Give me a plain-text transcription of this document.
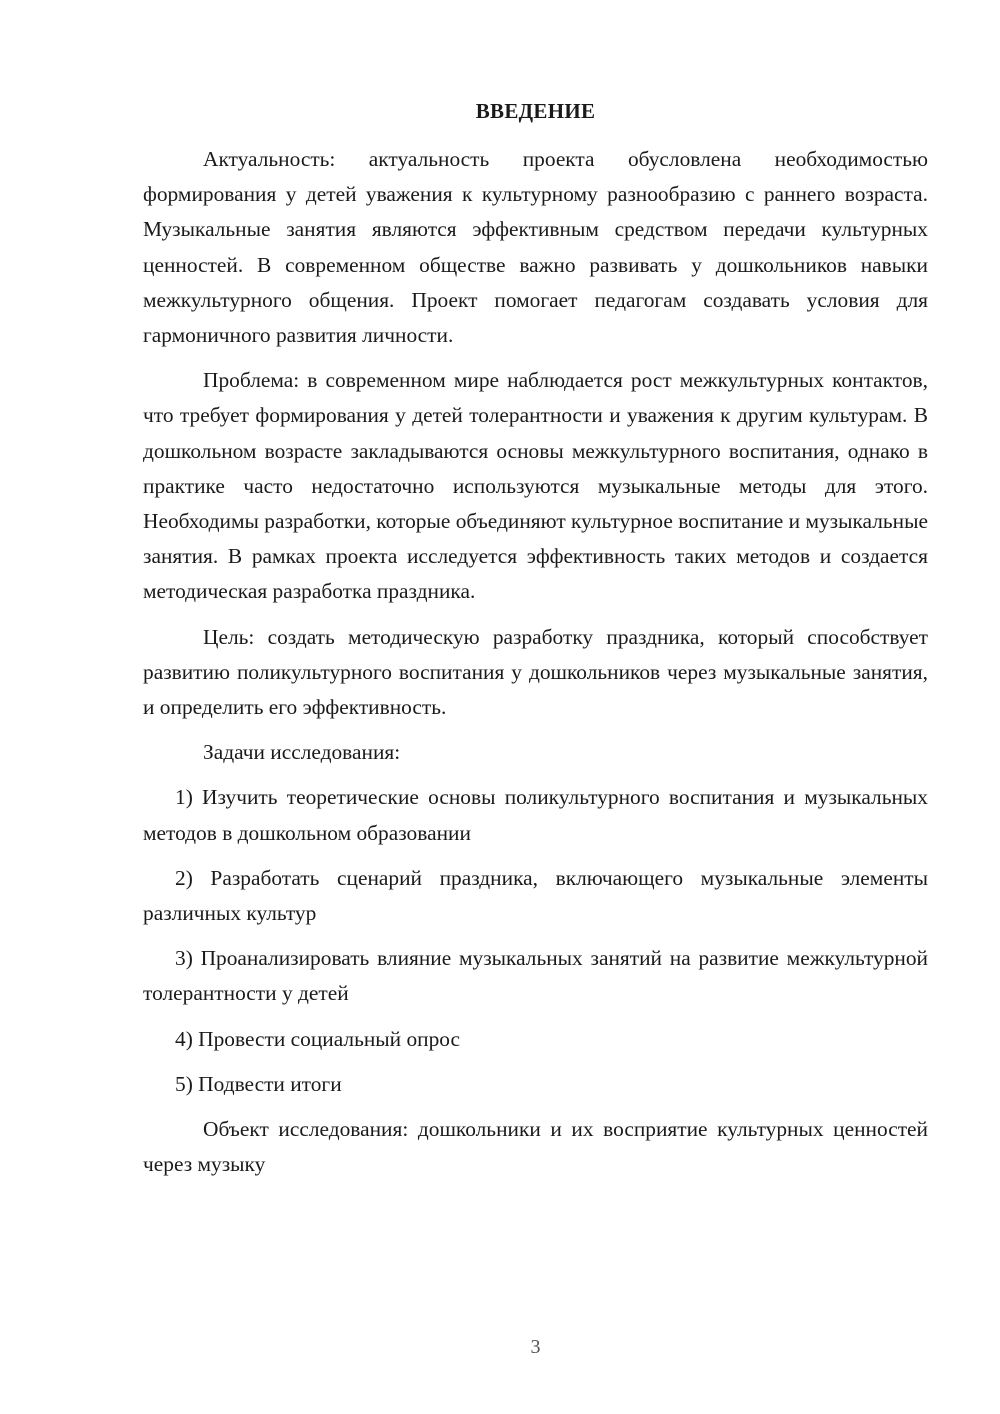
ВВЕДЕНИЕ

Актуальность: актуальность проекта обусловлена необходимостью формирования у детей уважения к культурному разнообразию с раннего возраста. Музыкальные занятия являются эффективным средством передачи культурных ценностей. В современном обществе важно развивать у дошкольников навыки межкультурного общения. Проект помогает педагогам создавать условия для гармоничного развития личности.

Проблема: в современном мире наблюдается рост межкультурных контактов, что требует формирования у детей толерантности и уважения к другим культурам. В дошкольном возрасте закладываются основы межкультурного воспитания, однако в практике часто недостаточно используются музыкальные методы для этого. Необходимы разработки, которые объединяют культурное воспитание и музыкальные занятия. В рамках проекта исследуется эффективность таких методов и создается методическая разработка праздника.

Цель: создать методическую разработку праздника, который способствует развитию поликультурного воспитания у дошкольников через музыкальные занятия, и определить его эффективность.

Задачи исследования:

1) Изучить теоретические основы поликультурного воспитания и музыкальных методов в дошкольном образовании

2) Разработать сценарий праздника, включающего музыкальные элементы различных культур

3) Проанализировать влияние музыкальных занятий на развитие межкультурной толерантности у детей

4) Провести социальный опрос

5) Подвести итоги

Объект исследования: дошкольники и их восприятие культурных ценностей через музыку

3
